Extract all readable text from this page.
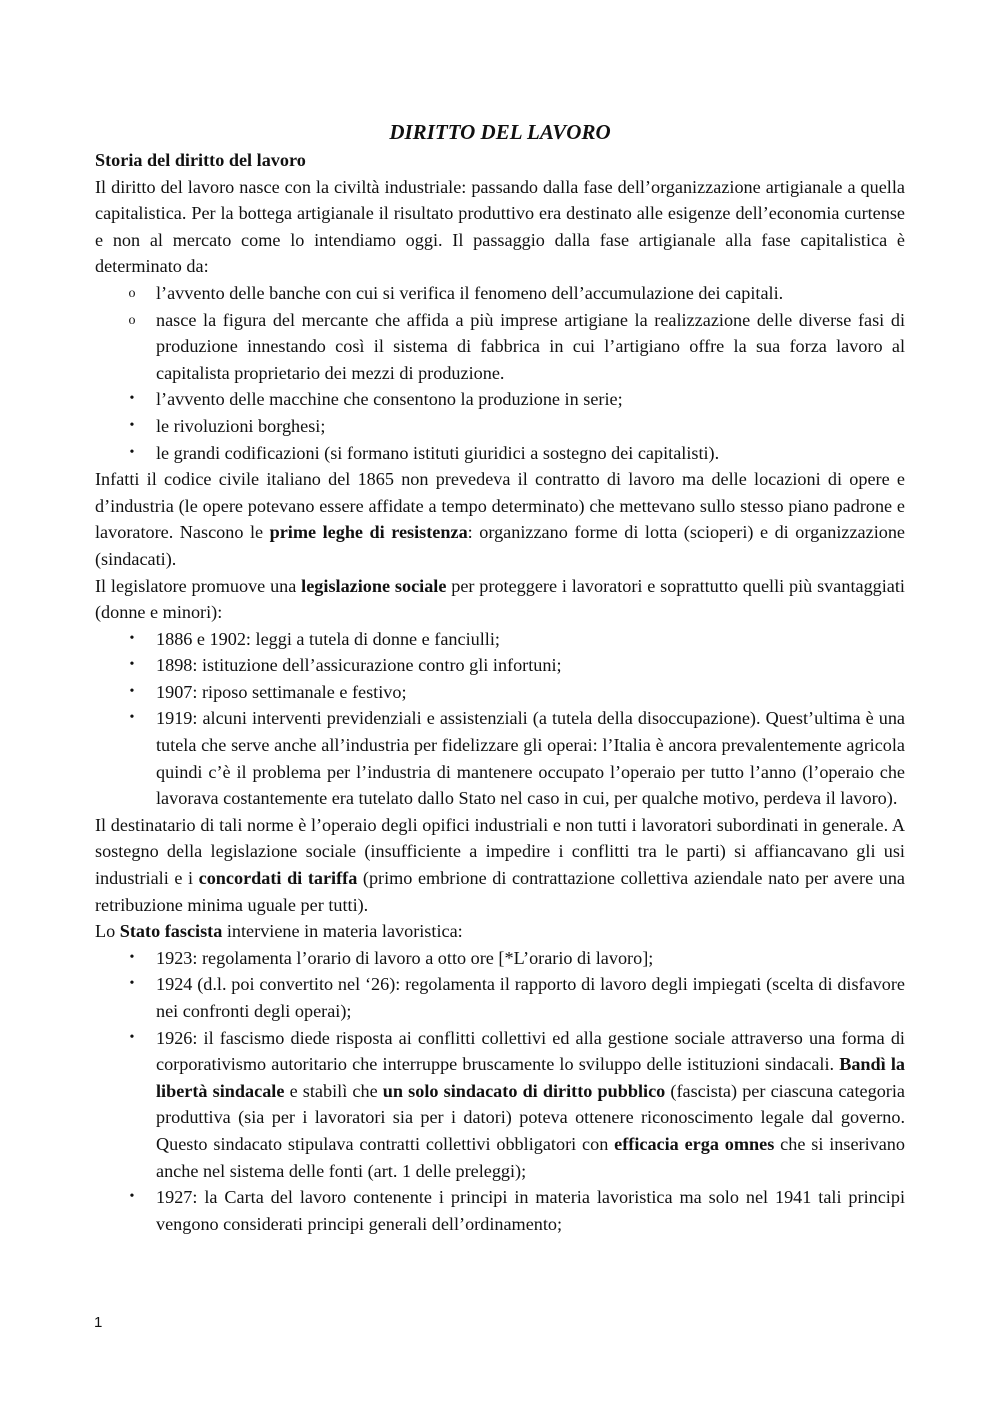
DIRITTO DEL LAVORO

Storia del diritto del lavoro

Il diritto del lavoro nasce con la civiltà industriale: passando dalla fase dell’organizzazione artigianale a quella capitalistica. Per la bottega artigianale il risultato produttivo era destinato alle esigenze dell’economia curtense e non al mercato come lo intendiamo oggi. Il passaggio dalla fase artigianale alla fase capitalistica è determinato da:

o l’avvento delle banche con cui si verifica il fenomeno dell’accumulazione dei capitali.
o nasce la figura del mercante che affida a più imprese artigiane la realizzazione delle diverse fasi di produzione innestando così il sistema di fabbrica in cui l’artigiano offre la sua forza lavoro al capitalista proprietario dei mezzi di produzione.
• l’avvento delle macchine che consentono la produzione in serie;
• le rivoluzioni borghesi;
• le grandi codificazioni (si formano istituti giuridici a sostegno dei capitalisti).

Infatti il codice civile italiano del 1865 non prevedeva il contratto di lavoro ma delle locazioni di opere e d’industria (le opere potevano essere affidate a tempo determinato) che mettevano sullo stesso piano padrone e lavoratore. Nascono le prime leghe di resistenza: organizzano forme di lotta (scioperi) e di organizzazione (sindacati).

Il legislatore promuove una legislazione sociale per proteggere i lavoratori e soprattutto quelli più svantaggiati (donne e minori):

• 1886 e 1902: leggi a tutela di donne e fanciulli;
• 1898: istituzione dell’assicurazione contro gli infortuni;
• 1907: riposo settimanale e festivo;
• 1919: alcuni interventi previdenziali e assistenziali (a tutela della disoccupazione). Quest’ultima è una tutela che serve anche all’industria per fidelizzare gli operai: l’Italia è ancora prevalentemente agricola quindi c’è il problema per l’industria di mantenere occupato l’operaio per tutto l’anno (l’operaio che lavorava costantemente era tutelato dallo Stato nel caso in cui, per qualche motivo, perdeva il lavoro).

Il destinatario di tali norme è l’operaio degli opifici industriali e non tutti i lavoratori subordinati in generale. A sostegno della legislazione sociale (insufficiente a impedire i conflitti tra le parti) si affiancavano gli usi industriali e i concordati di tariffa (primo embrione di contrattazione collettiva aziendale nato per avere una retribuzione minima uguale per tutti).

Lo Stato fascista interviene in materia lavoristica:

• 1923: regolamenta l’orario di lavoro a otto ore [*L’orario di lavoro];
• 1924 (d.l. poi convertito nel ‘26): regolamenta il rapporto di lavoro degli impiegati (scelta di disfavore nei confronti degli operai);
• 1926: il fascismo diede risposta ai conflitti collettivi ed alla gestione sociale attraverso una forma di corporativismo autoritario che interruppe bruscamente lo sviluppo delle istituzioni sindacali. Bandì la libertà sindacale e stabilì che un solo sindacato di diritto pubblico (fascista) per ciascuna categoria produttiva (sia per i lavoratori sia per i datori) poteva ottenere riconoscimento legale dal governo. Questo sindacato stipulava contratti collettivi obbligatori con efficacia erga omnes che si inserivano anche nel sistema delle fonti (art. 1 delle preleggi);
• 1927: la Carta del lavoro contenente i principi in materia lavoristica ma solo nel 1941 tali principi vengono considerati principi generali dell’ordinamento;
1
